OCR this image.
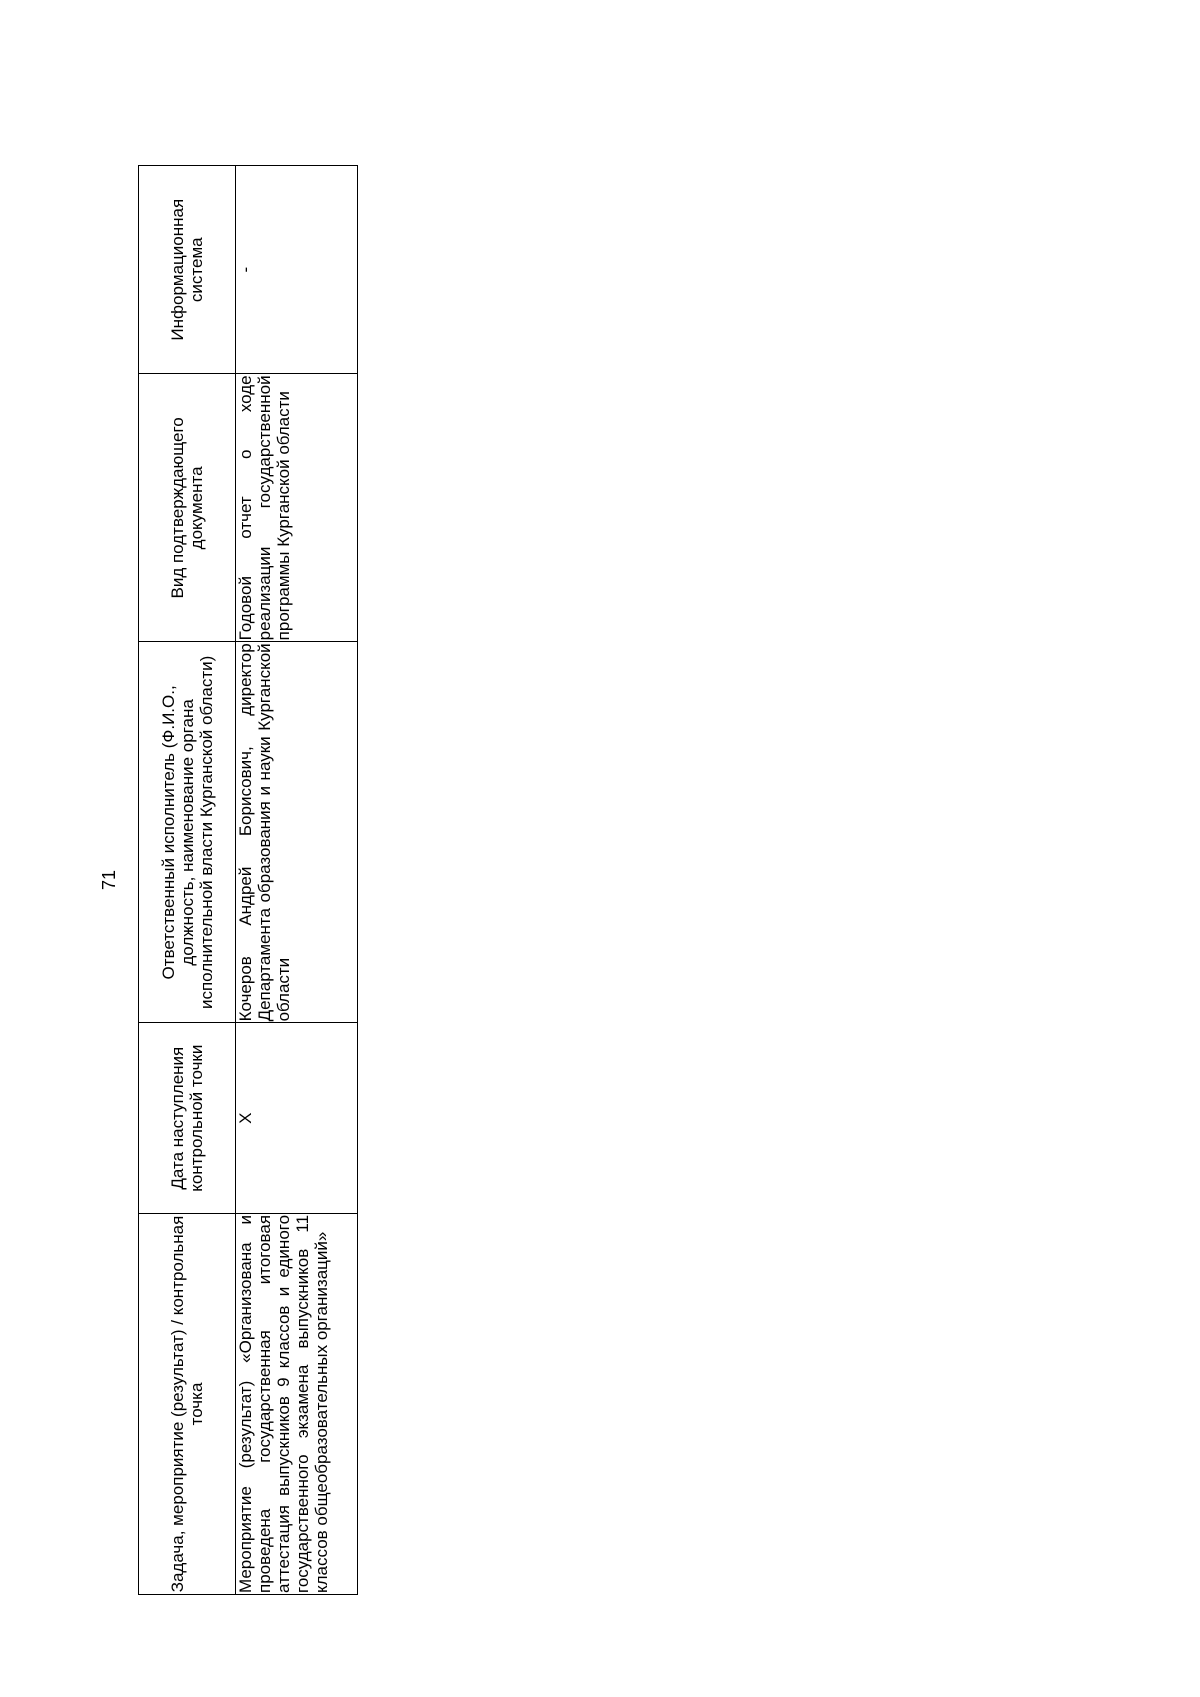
71
Задача, мероприятие (результат) / контрольная точка	Дата наступления контрольной точки	Ответственный исполнитель (Ф.И.О., должность, наименование органа исполнительной власти Курганской области)	Вид подтверждающего документа	Информационная система
Мероприятие (результат) «Организована и проведена государственная итоговая аттестация выпускников 9 классов и единого государственного экзамена выпускников 11 классов общеобразовательных организаций»	X	Кочеров Андрей Борисович, директор Департамента образования и науки Курганской области	Годовой отчет о ходе реализации государственной программы Курганской области	-
